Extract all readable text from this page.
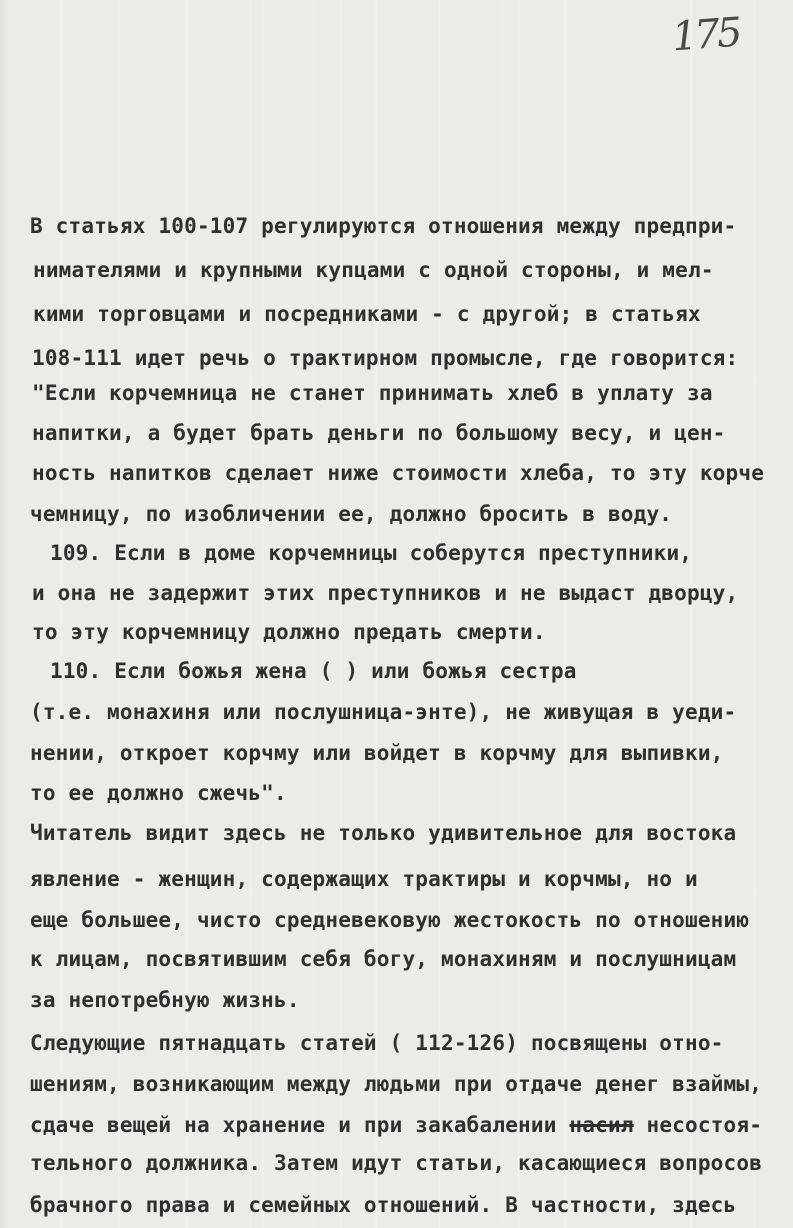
175
В статьях 100-107 регулируются отношения между предпри-
нимателями и крупными купцами с одной стороны, и мел-
кими торговцами и посредниками - с другой; в статьях
108-111 идет речь о трактирном промысле, где говорится:
"Если корчемница не станет принимать хлеб в уплату за
напитки, а будет брать деньги по большому весу, и цен-
ность напитков сделает ниже стоимости хлеба, то эту корче
чемницу, по изобличении ее, должно бросить в воду.
109. Если в доме корчемницы соберутся преступники,
и она не задержит этих преступников и не выдаст дворцу,
то эту корчемницу должно предать смерти.
110. Если божья жена ( ) или божья сестра
(т.е. монахиня или послушница-энте), не живущая в уеди-
нении, откроет корчму или войдет в корчму для выпивки,
то ее должно сжечь".
Читатель видит здесь не только удивительное для востока
явление - женщин, содержащих трактиры и корчмы, но и
еще большее, чисто средневековую жестокость по отношению
к лицам, посвятившим себя богу, монахиням и послушницам
за непотребную жизнь.
Следующие пятнадцать статей ( 112-126) посвящены отно-
шениям, возникающим между людьми при отдаче денег взаймы,
сдаче вещей на хранение и при закабалении насил несостоя-
тельного должника. Затем идут статьи, касающиеся вопросов
брачного права и семейных отношений. В частности, здесь
